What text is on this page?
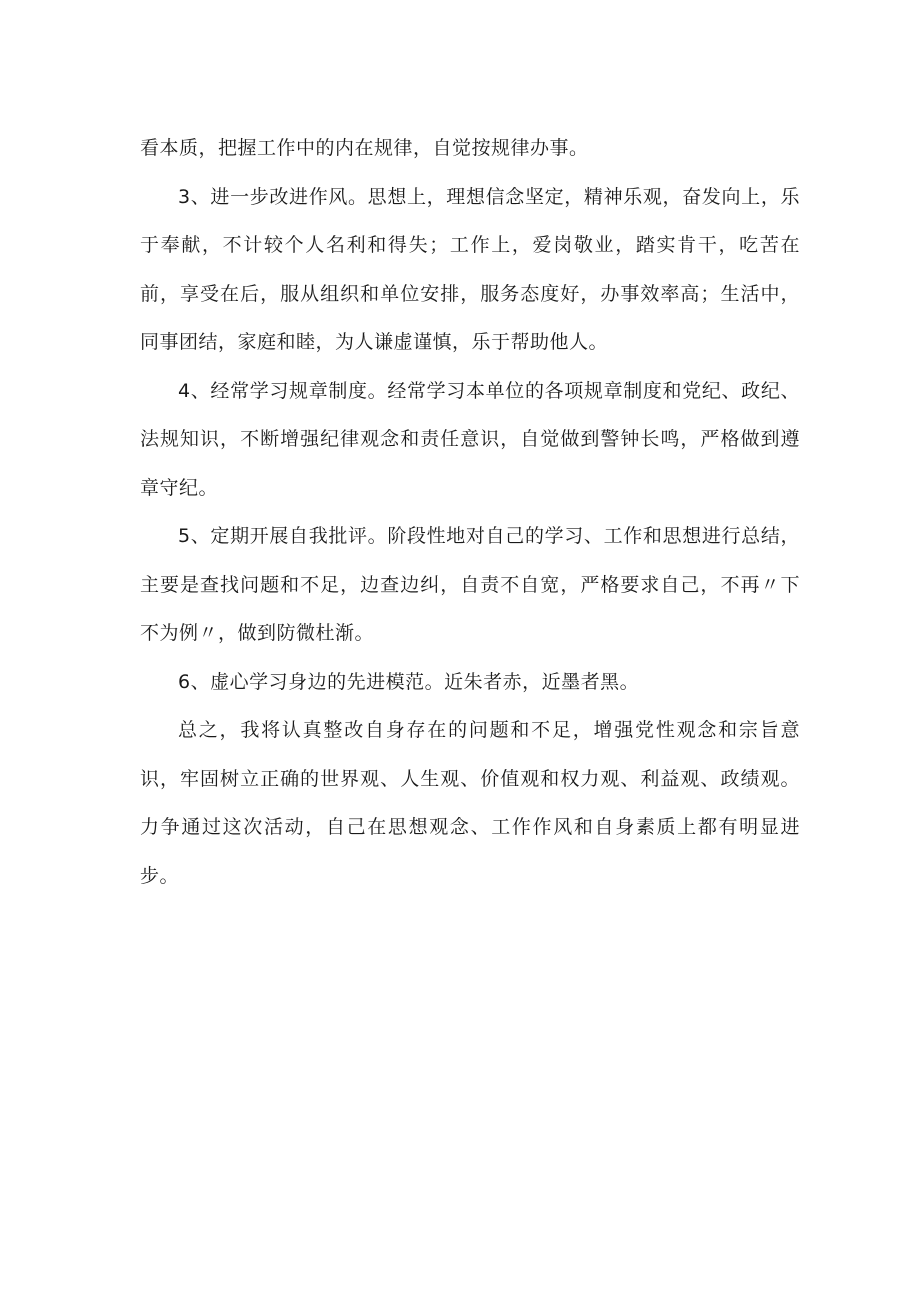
看本质，把握工作中的内在规律，自觉按规律办事。

3、进一步改进作风。思想上，理想信念坚定，精神乐观，奋发向上，乐于奉献，不计较个人名利和得失；工作上，爱岗敬业，踏实肯干，吃苦在前，享受在后，服从组织和单位安排，服务态度好，办事效率高；生活中，同事团结，家庭和睦，为人谦虚谨慎，乐于帮助他人。

4、经常学习规章制度。经常学习本单位的各项规章制度和党纪、政纪、法规知识，不断增强纪律观念和责任意识，自觉做到警钟长鸣，严格做到遵章守纪。

5、定期开展自我批评。阶段性地对自己的学习、工作和思想进行总结，主要是查找问题和不足，边查边纠，自责不自宽，严格要求自己，不再〃下不为例〃，做到防微杜渐。

6、虚心学习身边的先进模范。近朱者赤，近墨者黑。

总之，我将认真整改自身存在的问题和不足，增强党性观念和宗旨意识，牢固树立正确的世界观、人生观、价值观和权力观、利益观、政绩观。力争通过这次活动，自己在思想观念、工作作风和自身素质上都有明显进步。
